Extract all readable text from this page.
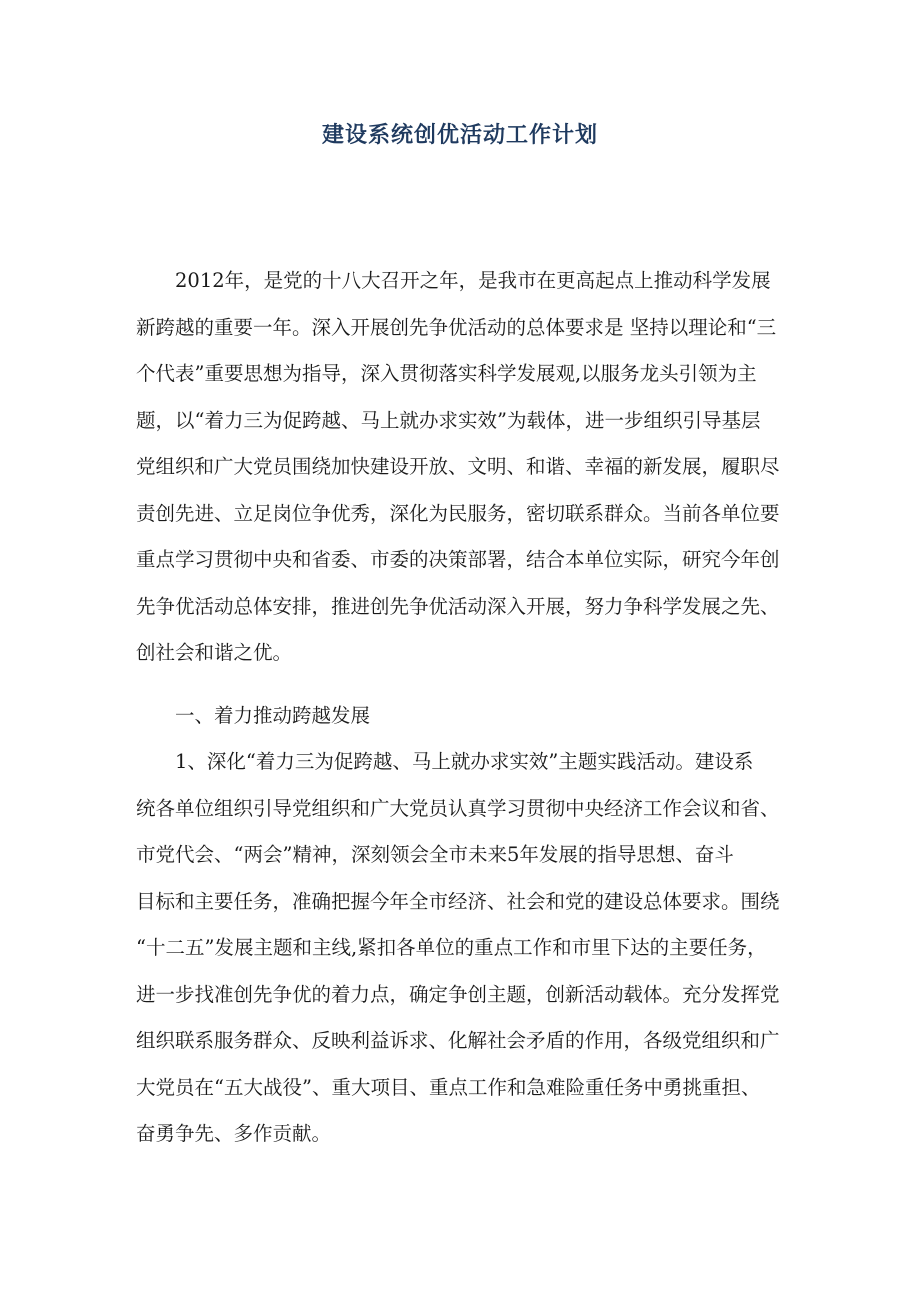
建设系统创优活动工作计划
2012年，是党的十八大召开之年，是我市在更高起点上推动科学发展
新跨越的重要一年。深入开展创先争优活动的总体要求是 坚持以理论和“三
个代表”重要思想为指导，深入贯彻落实科学发展观,以服务龙头引领为主
题，以“着力三为促跨越、马上就办求实效”为载体，进一步组织引导基层
党组织和广大党员围绕加快建设开放、文明、和谐、幸福的新发展，履职尽
责创先进、立足岗位争优秀，深化为民服务，密切联系群众。当前各单位要
重点学习贯彻中央和省委、市委的决策部署，结合本单位实际，研究今年创
先争优活动总体安排，推进创先争优活动深入开展，努力争科学发展之先、
创社会和谐之优。
一、着力推动跨越发展
1、深化“着力三为促跨越、马上就办求实效”主题实践活动。建设系
统各单位组织引导党组织和广大党员认真学习贯彻中央经济工作会议和省、
市党代会、“两会”精神，深刻领会全市未来5年发展的指导思想、奋斗
目标和主要任务，准确把握今年全市经济、社会和党的建设总体要求。围绕
“十二五”发展主题和主线,紧扣各单位的重点工作和市里下达的主要任务，
进一步找准创先争优的着力点，确定争创主题，创新活动载体。充分发挥党
组织联系服务群众、反映利益诉求、化解社会矛盾的作用，各级党组织和广
大党员在“五大战役”、重大项目、重点工作和急难险重任务中勇挑重担、
奋勇争先、多作贡献。
